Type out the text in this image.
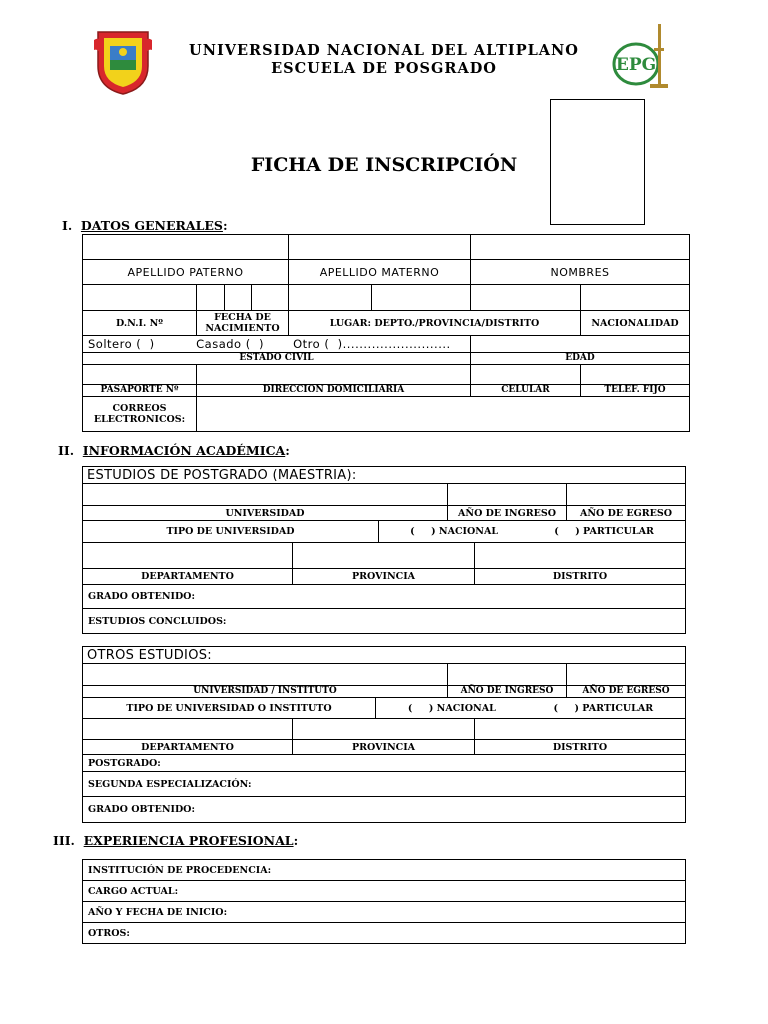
EPG
UNIVERSIDAD NACIONAL DEL ALTIPLANO
ESCUELA DE POSGRADO
FICHA DE INSCRIPCIÓN
I. DATOS GENERALES:
APELLIDO PATERNO	APELLIDO MATERNO	NOMBRES
D.N.I. Nº	FECHA DE NACIMIENTO	LUGAR: DEPTO./PROVINCIA/DISTRITO	NACIONALIDAD
Soltero (  )          Casado (  )       Otro (  )..........................
ESTADO CIVIL	EDAD
PASAPORTE Nº	DIRECCION DOMICILIARIA	CELULAR	TELEF. FIJO
CORREOS ELECTRONICOS:
II. INFORMACIÓN ACADÉMICA:
ESTUDIOS DE POSTGRADO (MAESTRIA):
UNIVERSIDAD	AÑO DE INGRESO	AÑO DE EGRESO
TIPO DE UNIVERSIDAD	(     ) NACIONAL	(     ) PARTICULAR
DEPARTAMENTO	PROVINCIA	DISTRITO
GRADO OBTENIDO:
ESTUDIOS CONCLUIDOS:
OTROS ESTUDIOS:
UNIVERSIDAD / INSTITUTO	AÑO DE INGRESO	AÑO DE EGRESO
TIPO DE UNIVERSIDAD O INSTITUTO	(     ) NACIONAL	(     ) PARTICULAR
DEPARTAMENTO	PROVINCIA	DISTRITO
POSTGRADO:
SEGUNDA ESPECIALIZACIÓN:
GRADO OBTENIDO:
III. EXPERIENCIA PROFESIONAL:
INSTITUCIÓN DE PROCEDENCIA:
CARGO ACTUAL:
AÑO Y FECHA DE INICIO:
OTROS:
